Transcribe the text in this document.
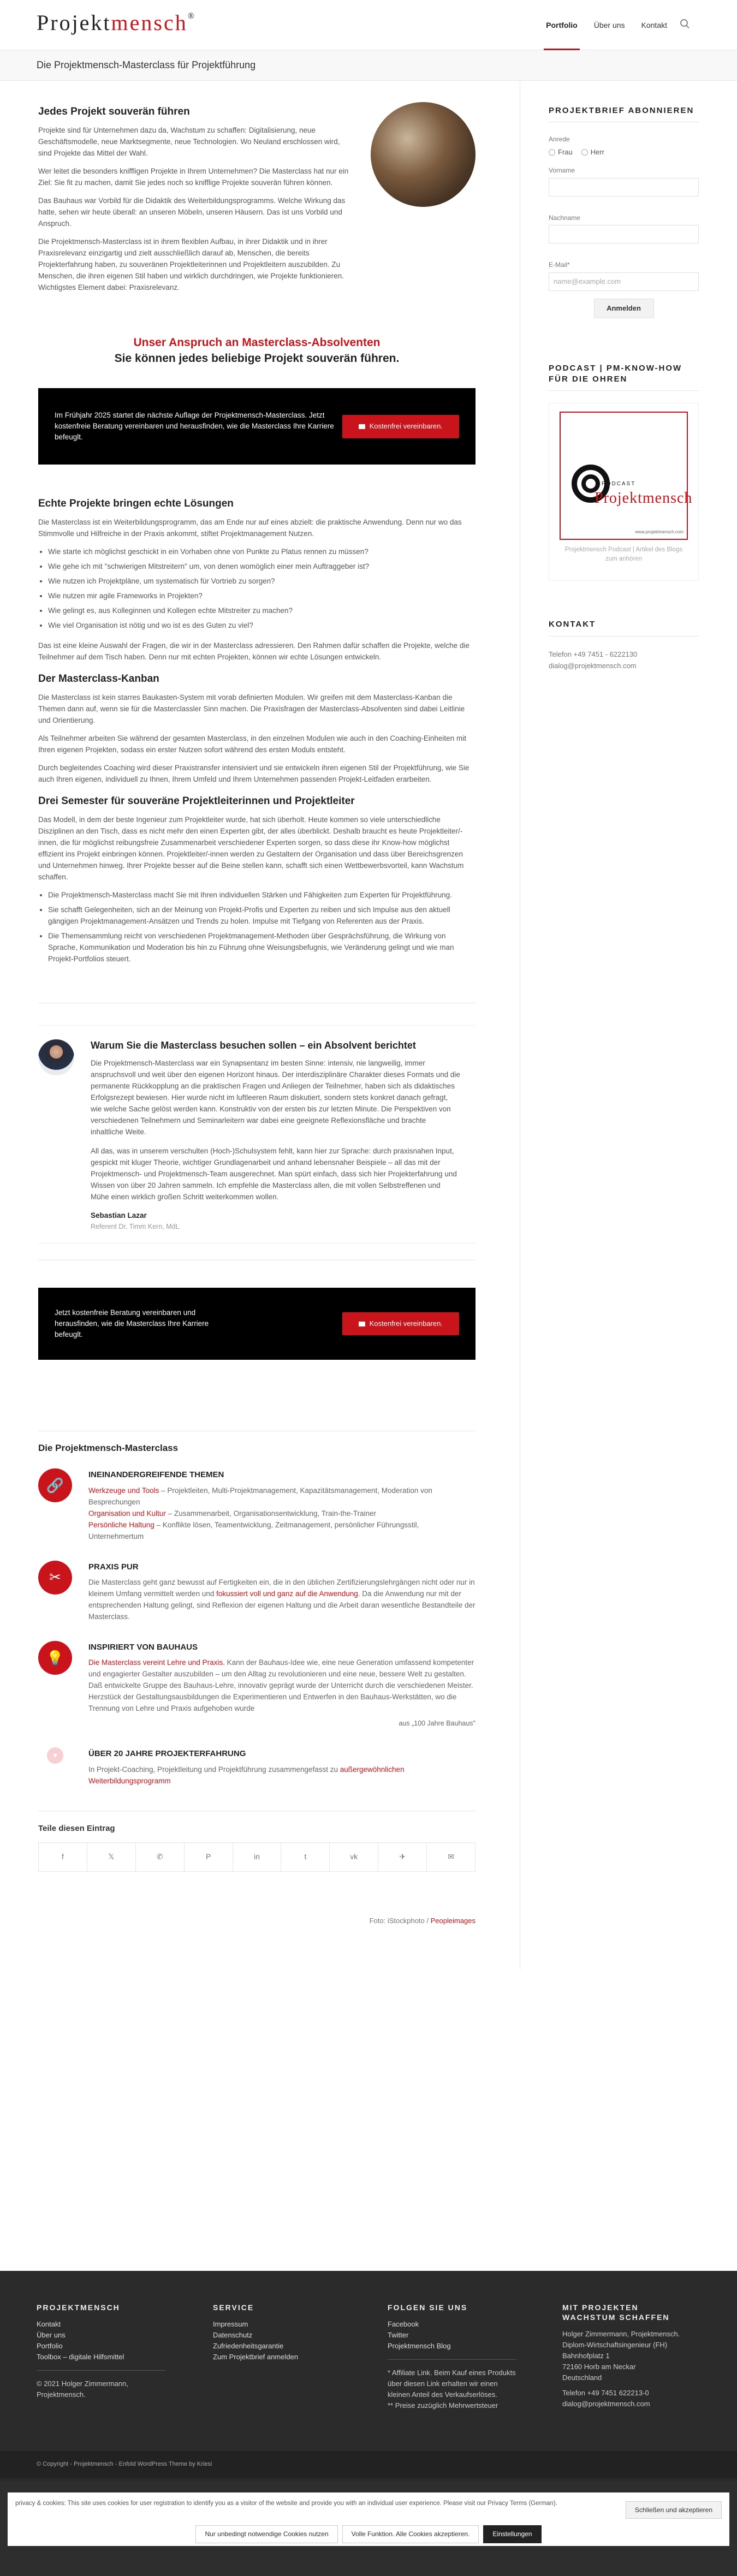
Projektmensch®
Portfolio Über uns Kontakt
Die Projektmensch-Masterclass für Projektführung
Jedes Projekt souverän führen

Projekte sind für Unternehmen dazu da, Wachstum zu schaffen: Digitalisierung, neue Geschäftsmodelle, neue Marktsegmente, neue Technologien. Wo Neuland erschlossen wird, sind Projekte das Mittel der Wahl.

Wer leitet die besonders kniffligen Projekte in Ihrem Unternehmen? Die Masterclass hat nur ein Ziel: Sie fit zu machen, damit Sie jedes noch so knifflige Projekte souverän führen können.

Das Bauhaus war Vorbild für die Didaktik des Weiterbildungsprogramms. Welche Wirkung das hatte, sehen wir heute überall: an unseren Möbeln, unseren Häusern. Das ist uns Vorbild und Anspruch.

Die Projektmensch-Masterclass ist in ihrem flexiblen Aufbau, in ihrer Didaktik und in ihrer Praxisrelevanz einzigartig und zielt ausschließlich darauf ab, Menschen, die bereits Projekterfahrung haben, zu souveränen Projektleiterinnen und Projektleitern auszubilden. Zu Menschen, die ihren eigenen Stil haben und wirklich durchdringen, wie Projekte funktionieren. Wichtigstes Element dabei: Praxisrelevanz.

Unser Anspruch an Masterclass-Absolventen
Sie können jedes beliebige Projekt souverän führen.
Im Frühjahr 2025 startet die nächste Auflage der Projektmensch-Masterclass. Jetzt kostenfreie Beratung vereinbaren und herausfinden, wie die Masterclass Ihre Karriere befeuglt.
Kostenfrei vereinbaren.
Echte Projekte bringen echte Lösungen

Die Masterclass ist ein Weiterbildungsprogramm, das am Ende nur auf eines abzielt: die praktische Anwendung. Denn nur wo das Stimmvolle und Hilfreiche in der Praxis ankommt, stiftet Projektmanagement Nutzen.

• Wie starte ich möglichst geschickt in ein Vorhaben ohne von Punkte zu Platus rennen zu müssen?
• Wie gehe ich mit "schwierigen Mitstreitern" um, von denen womöglich einer mein Auftraggeber ist?
• Wie nutzen ich Projektpläne, um systematisch für Vortrieb zu sorgen?
• Wie nutzen mir agile Frameworks in Projekten?
• Wie gelingt es, aus Kolleginnen und Kollegen echte Mitstreiter zu machen?
• Wie viel Organisation ist nötig und wo ist es des Guten zu viel?

Das ist eine kleine Auswahl der Fragen, die wir in der Masterclass adressieren. Den Rahmen dafür schaffen die Projekte, welche die Teilnehmer auf dem Tisch haben. Denn nur mit echten Projekten, können wir echte Lösungen entwickeln.

Der Masterclass-Kanban

Die Masterclass ist kein starres Baukasten-System mit vorab definierten Modulen. Wir greifen mit dem Masterclass-Kanban die Themen dann auf, wenn sie für die Masterclassler Sinn machen. Die Praxisfragen der Masterclass-Absolventen sind dabei Leitlinie und Orientierung.

Als Teilnehmer arbeiten Sie während der gesamten Masterclass, in den einzelnen Modulen wie auch in den Coaching-Einheiten mit Ihren eigenen Projekten, sodass ein erster Nutzen sofort während des ersten Moduls entsteht.

Durch begleitendes Coaching wird dieser Praxistransfer intensiviert und sie entwickeln ihren eigenen Stil der Projektführung, wie Sie auch Ihren eigenen, individuell zu Ihnen, Ihrem Umfeld und Ihrem Unternehmen passenden Projekt-Leitfaden erarbeiten.

Drei Semester für souveräne Projektleiterinnen und Projektleiter

Das Modell, in dem der beste Ingenieur zum Projektleiter wurde, hat sich überholt. Heute kommen so viele unterschiedliche Disziplinen an den Tisch, dass es nicht mehr den einen Experten gibt, der alles überblickt. Deshalb braucht es heute Projektleiter/-innen, die für möglichst reibungsfreie Zusammenarbeit verschiedener Experten sorgen, so dass diese ihr Know-how möglichst effizient ins Projekt einbringen können. Projektleiter/-innen werden zu Gestaltern der Organisation und dass über Bereichsgrenzen und Unternehmen hinweg. Ihrer Projekte besser auf die Beine stellen kann, schafft sich einen Wettbewerbsvorteil, kann Wachstum schaffen.

• Die Projektmensch-Masterclass macht Sie mit Ihren individuellen Stärken und Fähigkeiten zum Experten für Projektführung.
• Sie schafft Gelegenheiten, sich an der Meinung von Projekt-Profis und Experten zu reiben und sich Impulse aus den aktuell gängigen Projektmanagement-Ansätzen und Trends zu holen. Impulse mit Tiefgang von Referenten aus der Praxis.
• Die Themensammlung reicht von verschiedenen Projektmanagement-Methoden über Gesprächsführung, die Wirkung von Sprache, Kommunikation und Moderation bis hin zu Führung ohne Weisungsbefugnis, wie Veränderung gelingt und wie man Projekt-Portfolios steuert.
Warum Sie die Masterclass besuchen sollen – ein Absolvent berichtet

Die Projektmensch-Masterclass war ein Synapsentanz im besten Sinne: intensiv, nie langweilig, immer anspruchsvoll und weit über den eigenen Horizont hinaus. Der interdisziplinäre Charakter dieses Formats und die permanente Rückkopplung an die praktischen Fragen und Anliegen der Teilnehmer, haben sich als didaktisches Erfolgsrezept bewiesen. Hier wurde nicht im luftleeren Raum diskutiert, sondern stets konkret danach gefragt, wie welche Sache gelöst werden kann. Konstruktiv von der ersten bis zur letzten Minute. Die Perspektiven von verschiedenen Teilnehmern und Seminarleitern war dabei eine geeignete Reflexionsfläche und brachte inhaltliche Weite.

All das, was in unserem verschulten (Hoch-)Schulsystem fehlt, kann hier zur Sprache: durch praxisnahen Input, gespickt mit kluger Theorie, wichtiger Grundlagenarbeit und anhand lebensnaher Beispiele – all das mit der Projektmensch- und Projektmensch-Team ausgerechnet. Man spürt einfach, dass sich hier Projekterfahrung und Wissen von über 20 Jahren sammeln. Ich empfehle die Masterclass allen, die mit vollen Selbstreffenen und Mühe einen wirklich großen Schritt weiterkommen wollen.

Sebastian Lazar
Referent Dr. Timm Kern, MdL
Jetzt kostenfreie Beratung vereinbaren und herausfinden, wie die Masterclass Ihre Karriere befeuglt.
Kostenfrei vereinbaren.
Die Projektmensch-Masterclass
🔗
INEINANDERGREIFENDE THEMEN

Werkzeuge und Tools – Projektleiten, Multi-Projektmanagement, Kapazitätsmanagement, Moderation von Besprechungen
Organisation und Kultur – Zusammenarbeit, Organisationsentwicklung, Train-the-Trainer
Persönliche Haltung – Konflikte lösen, Teamentwicklung, Zeitmanagement, persönlicher Führungsstil, Unternehmertum

✂
PRAXIS PUR

Die Masterclass geht ganz bewusst auf Fertigkeiten ein, die in den üblichen Zertifizierungslehrgängen nicht oder nur in kleinem Umfang vermittelt werden und fokussiert voll und ganz auf die Anwendung. Da die Anwendung nur mit der entsprechenden Haltung gelingt, sind Reflexion der eigenen Haltung und die Arbeit daran wesentliche Bestandteile der Masterclass.

💡
INSPIRIERT VON BAUHAUS

Die Masterclass vereint Lehre und Praxis. Kann der Bauhaus-Idee wie, eine neue Generation umfassend kompetenter und engagierter Gestalter auszubilden – um den Alltag zu revolutionieren und eine neue, bessere Welt zu gestalten. Daß entwickelte Gruppe des Bauhaus-Lehre, innovativ geprägt wurde der Unterricht durch die verschiedenen Meister. Herzstück der Gestaltungsausbildungen die Experimentieren und Entwerfen in den Bauhaus-Werkstätten, wo die Trennung von Lehre und Praxis aufgehoben wurde

aus „100 Jahre Bauhaus"
♥	ÜBER 20 JAHRE PROJEKTERFAHRUNG

In Projekt-Coaching, Projektleitung und Projektführung zusammengefasst zu außergewöhnlichen Weiterbildungsprogramm

Teile diesen Eintrag
f	𝕏	✆	P	in	t	vk	✈	✉
Foto: iStockphoto / Peopleimages
PROJEKTBRIEF ABONNIEREN
Anrede
Frau	Herr
Vorname
Nachname
E-Mail*
name@example.com
Anmelden
PODCAST | PM-KNOW-HOW FÜR DIE OHREN
PODCAST
Projektmensch
www.projektmensch.com
Projektmensch Podcast | Artikel des Blogs zum anhören
KONTAKT
Telefon +49 7451 - 6222130
dialog@projektmensch.com
PROJEKTMENSCH
Kontakt
Über uns
Portfolio
Toolbox – digitale Hilfsmittel

© 2021 Holger Zimmermann, Projektmensch.

SERVICE
Impressum
Datenschutz
Zufriedenheitsgarantie
Zum Projektbrief anmelden
FOLGEN SIE UNS
Facebook
Twitter
Projektmensch Blog

* Affiliate Link. Beim Kauf eines Produkts über diesen Link erhalten wir einen kleinen Anteil des Verkaufserlöses.

** Preise zuzüglich Mehrwertsteuer

MIT PROJEKTEN WACHSTUM SCHAFFEN

Holger Zimmermann, Projektmensch.

Diplom-Wirtschaftsingenieur (FH)

Bahnhofplatz 1

72160 Horb am Neckar

Deutschland

Telefon +49 7451 622213-0

dialog@projektmensch.com

© Copyright - Projektmensch - Enfold WordPress Theme by Kriesi
privacy & cookies: This site uses cookies for user registration to identify you as a visitor of the website and provide you with an individual user experience. Please visit our Privacy Terms (German).
Schließen und akzeptieren
Nur unbedingt notwendige Cookies nutzen	Volle Funktion. Alle Cookies akzeptieren.	Einstellungen
